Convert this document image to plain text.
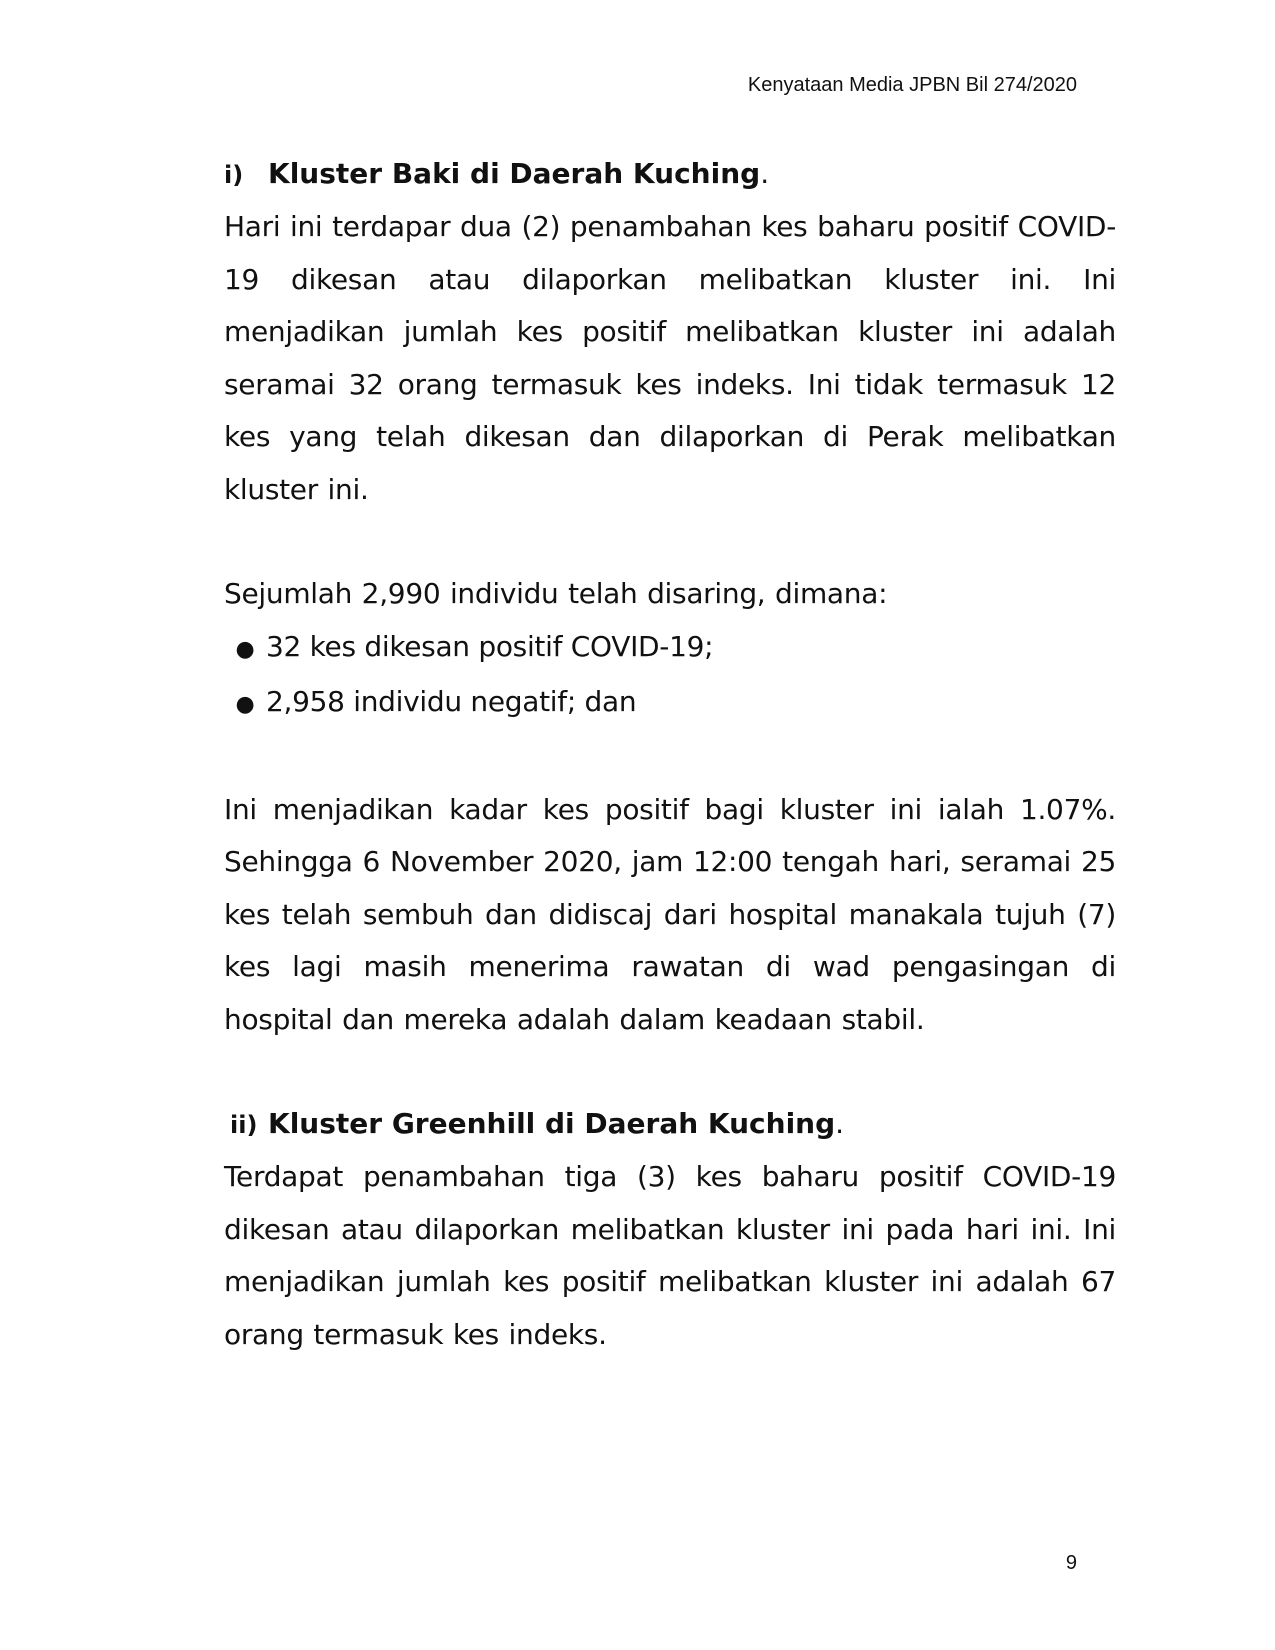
Kenyataan Media JPBN Bil 274/2020
i) Kluster Baki di Daerah Kuching .

Hari ini terdapar dua (2) penambahan kes baharu positif COVID-19 dikesan atau dilaporkan melibatkan kluster ini. Ini menjadikan jumlah kes positif melibatkan kluster ini adalah seramai 32 orang termasuk kes indeks. Ini tidak termasuk 12 kes yang telah dikesan dan dilaporkan di Perak melibatkan kluster ini.

Sejumlah 2,990 individu telah disaring, dimana:

● 32 kes dikesan positif COVID-19;
● 2,958 individu negatif; dan

Ini menjadikan kadar kes positif bagi kluster ini ialah 1.07%. Sehingga 6 November 2020, jam 12:00 tengah hari, seramai 25 kes telah sembuh dan didiscaj dari hospital manakala tujuh (7) kes lagi masih menerima rawatan di wad pengasingan di hospital dan mereka adalah dalam keadaan stabil.

ii) Kluster Greenhill di Daerah Kuching .

Terdapat penambahan tiga (3) kes baharu positif COVID-19 dikesan atau dilaporkan melibatkan kluster ini pada hari ini. Ini menjadikan jumlah kes positif melibatkan kluster ini adalah 67 orang termasuk kes indeks.

9
